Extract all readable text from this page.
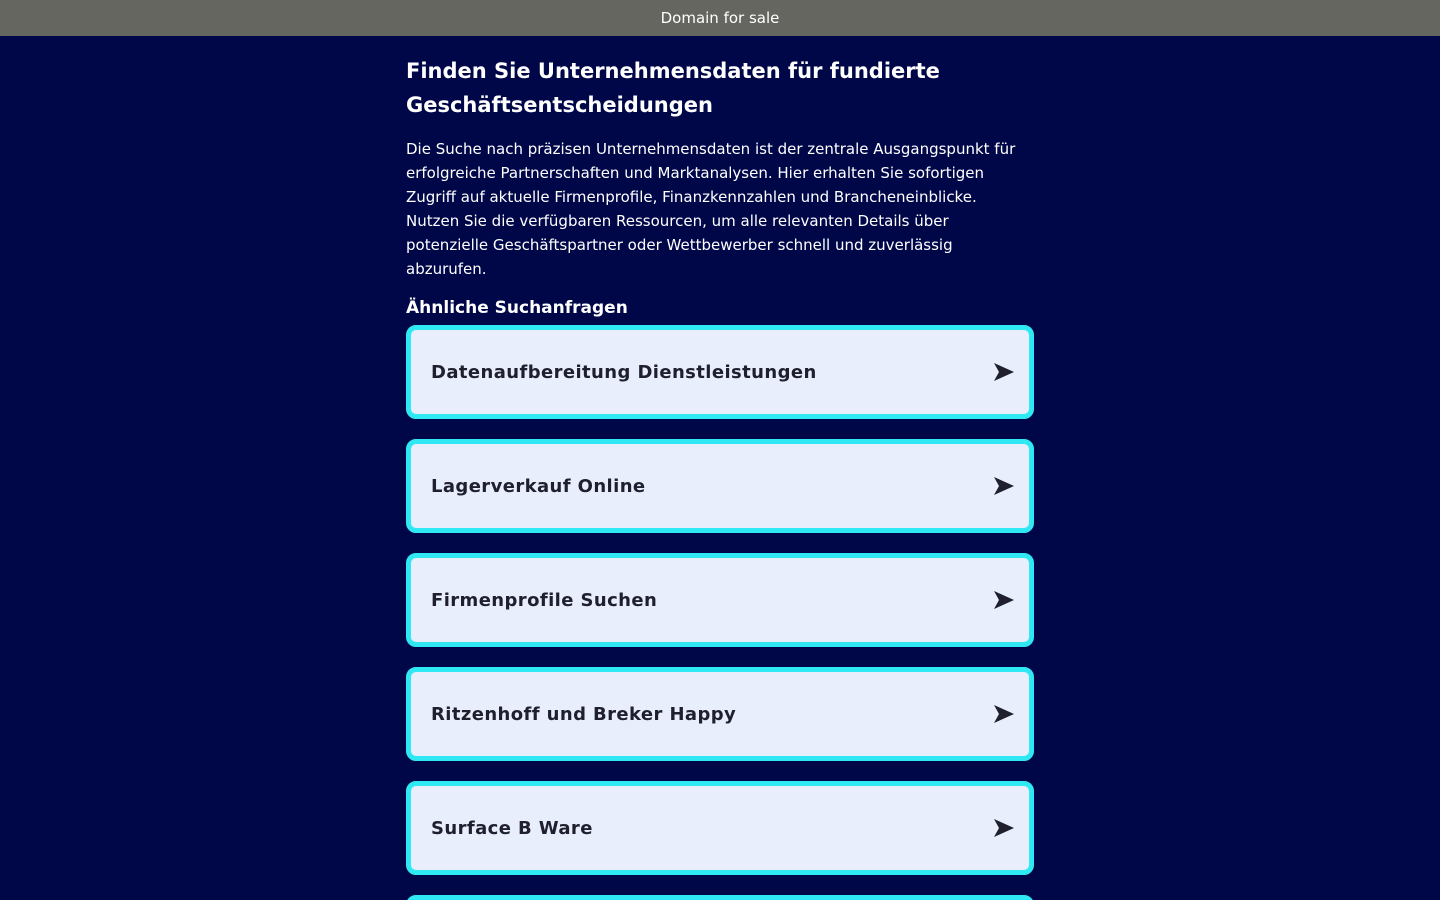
Domain for sale
Finden Sie Unternehmensdaten für fundierte Geschäftsentscheidungen

Die Suche nach präzisen Unternehmensdaten ist der zentrale Ausgangspunkt für erfolgreiche Partnerschaften und Marktanalysen. Hier erhalten Sie sofortigen Zugriff auf aktuelle Firmenprofile, Finanzkennzahlen und Brancheneinblicke. Nutzen Sie die verfügbaren Ressourcen, um alle relevanten Details über potenzielle Geschäftspartner oder Wettbewerber schnell und zuverlässig abzurufen.

Ähnliche Suchanfragen
Datenaufbereitung Dienstleistungen
Lagerverkauf Online
Firmenprofile Suchen
Ritzenhoff und Breker Happy
Surface B Ware
